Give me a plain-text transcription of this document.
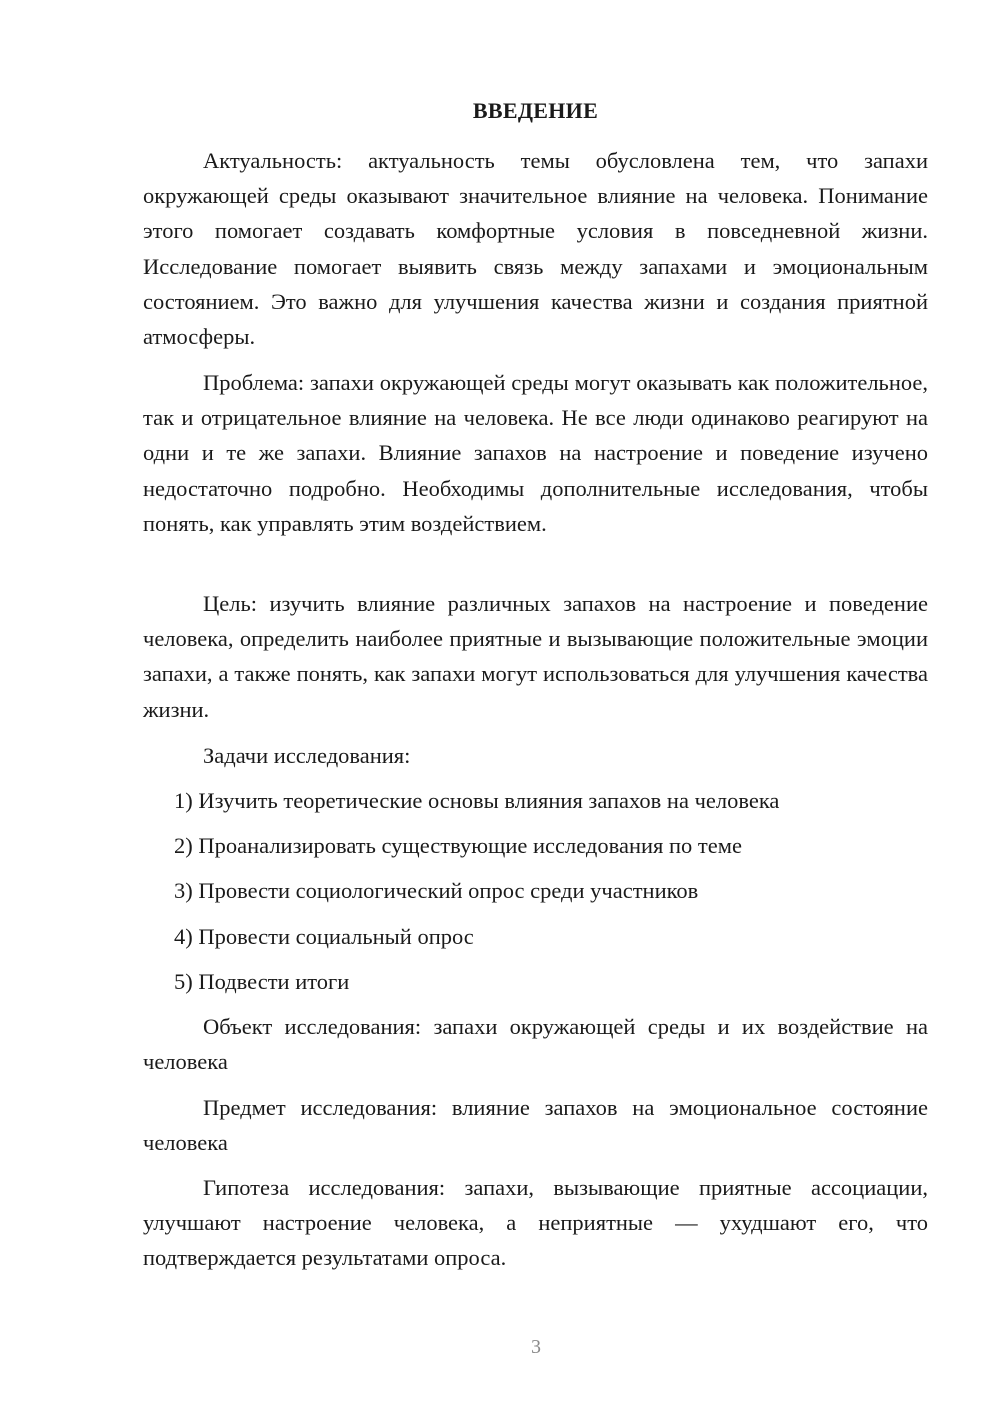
ВВЕДЕНИЕ

Актуальность: актуальность темы обусловлена тем, что запахи окружающей среды оказывают значительное влияние на человека. Понимание этого помогает создавать комфортные условия в повседневной жизни. Исследование помогает выявить связь между запахами и эмоциональным состоянием. Это важно для улучшения качества жизни и создания приятной атмосферы.

Проблема: запахи окружающей среды могут оказывать как положительное, так и отрицательное влияние на человека. Не все люди одинаково реагируют на одни и те же запахи. Влияние запахов на настроение и поведение изучено недостаточно подробно. Необходимы дополнительные исследования, чтобы понять, как управлять этим воздействием.

Цель: изучить влияние различных запахов на настроение и поведение человека, определить наиболее приятные и вызывающие положительные эмоции запахи, а также понять, как запахи могут использоваться для улучшения качества жизни.

Задачи исследования:

1) Изучить теоретические основы влияния запахов на человека

2) Проанализировать существующие исследования по теме

3) Провести социологический опрос среди участников

4) Провести социальный опрос

5) Подвести итоги

Объект исследования: запахи окружающей среды и их воздействие на человека

Предмет исследования: влияние запахов на эмоциональное состояние человека

Гипотеза исследования: запахи, вызывающие приятные ассоциации, улучшают настроение человека, а неприятные — ухудшают его, что подтверждается результатами опроса.

3
